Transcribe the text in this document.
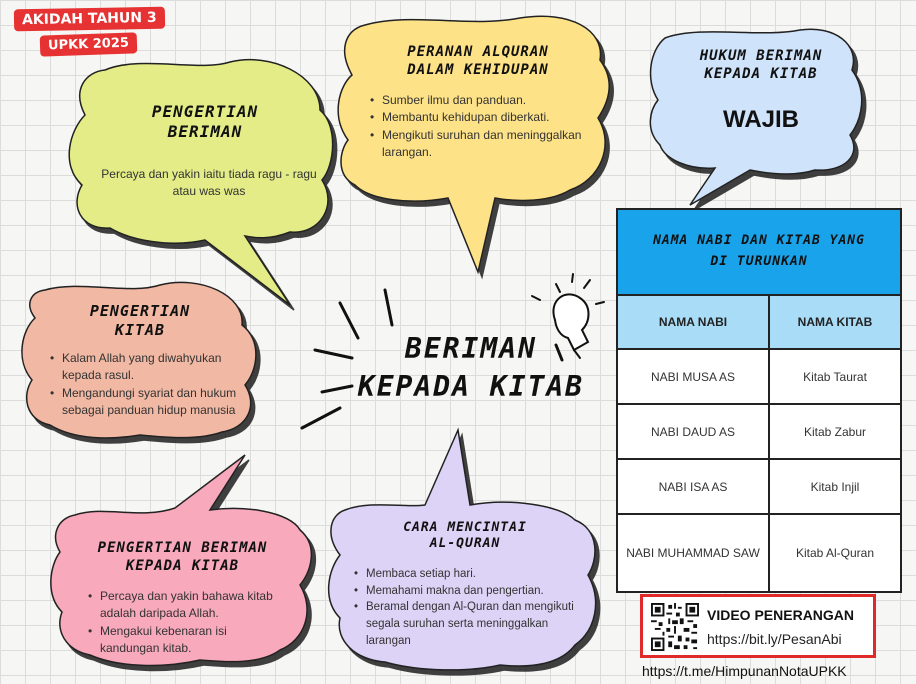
AKIDAH TAHUN 3
UPKK 2025
PENGERTIAN
BERIMAN
Percaya dan yakin iaitu tiada ragu - ragu atau was was
PERANAN ALQURAN
DALAM KEHIDUPAN
• Sumber ilmu dan panduan.
• Membantu kehidupan diberkati.
• Mengikuti suruhan dan meninggalkan larangan.
HUKUM BERIMAN
KEPADA KITAB
WAJIB
PENGERTIAN
KITAB
• Kalam Allah yang diwahyukan kepada rasul.
• Mengandungi syariat dan hukum sebagai panduan hidup manusia
BERIMAN
KEPADA KITAB
PENGERTIAN BERIMAN
KEPADA KITAB
• Percaya dan yakin bahawa kitab adalah daripada Allah.
• Mengakui kebenaran isi kandungan kitab.
CARA MENCINTAI
AL-QURAN
• Membaca setiap hari.
• Memahami makna dan pengertian.
• Beramal dengan Al-Quran dan mengikuti segala suruhan serta meninggalkan larangan
NAMA NABI DAN KITAB YANG
DI TURUNKAN	

NAMA NABI	NAMA KITAB
NABI MUSA AS	Kitab Taurat
NABI DAUD AS	Kitab Zabur
NABI ISA AS	Kitab Injil
NABI MUHAMMAD SAW	Kitab Al-Quran
VIDEO PENERANGAN
https://bit.ly/PesanAbi
https://t.me/HimpunanNotaUPKK
